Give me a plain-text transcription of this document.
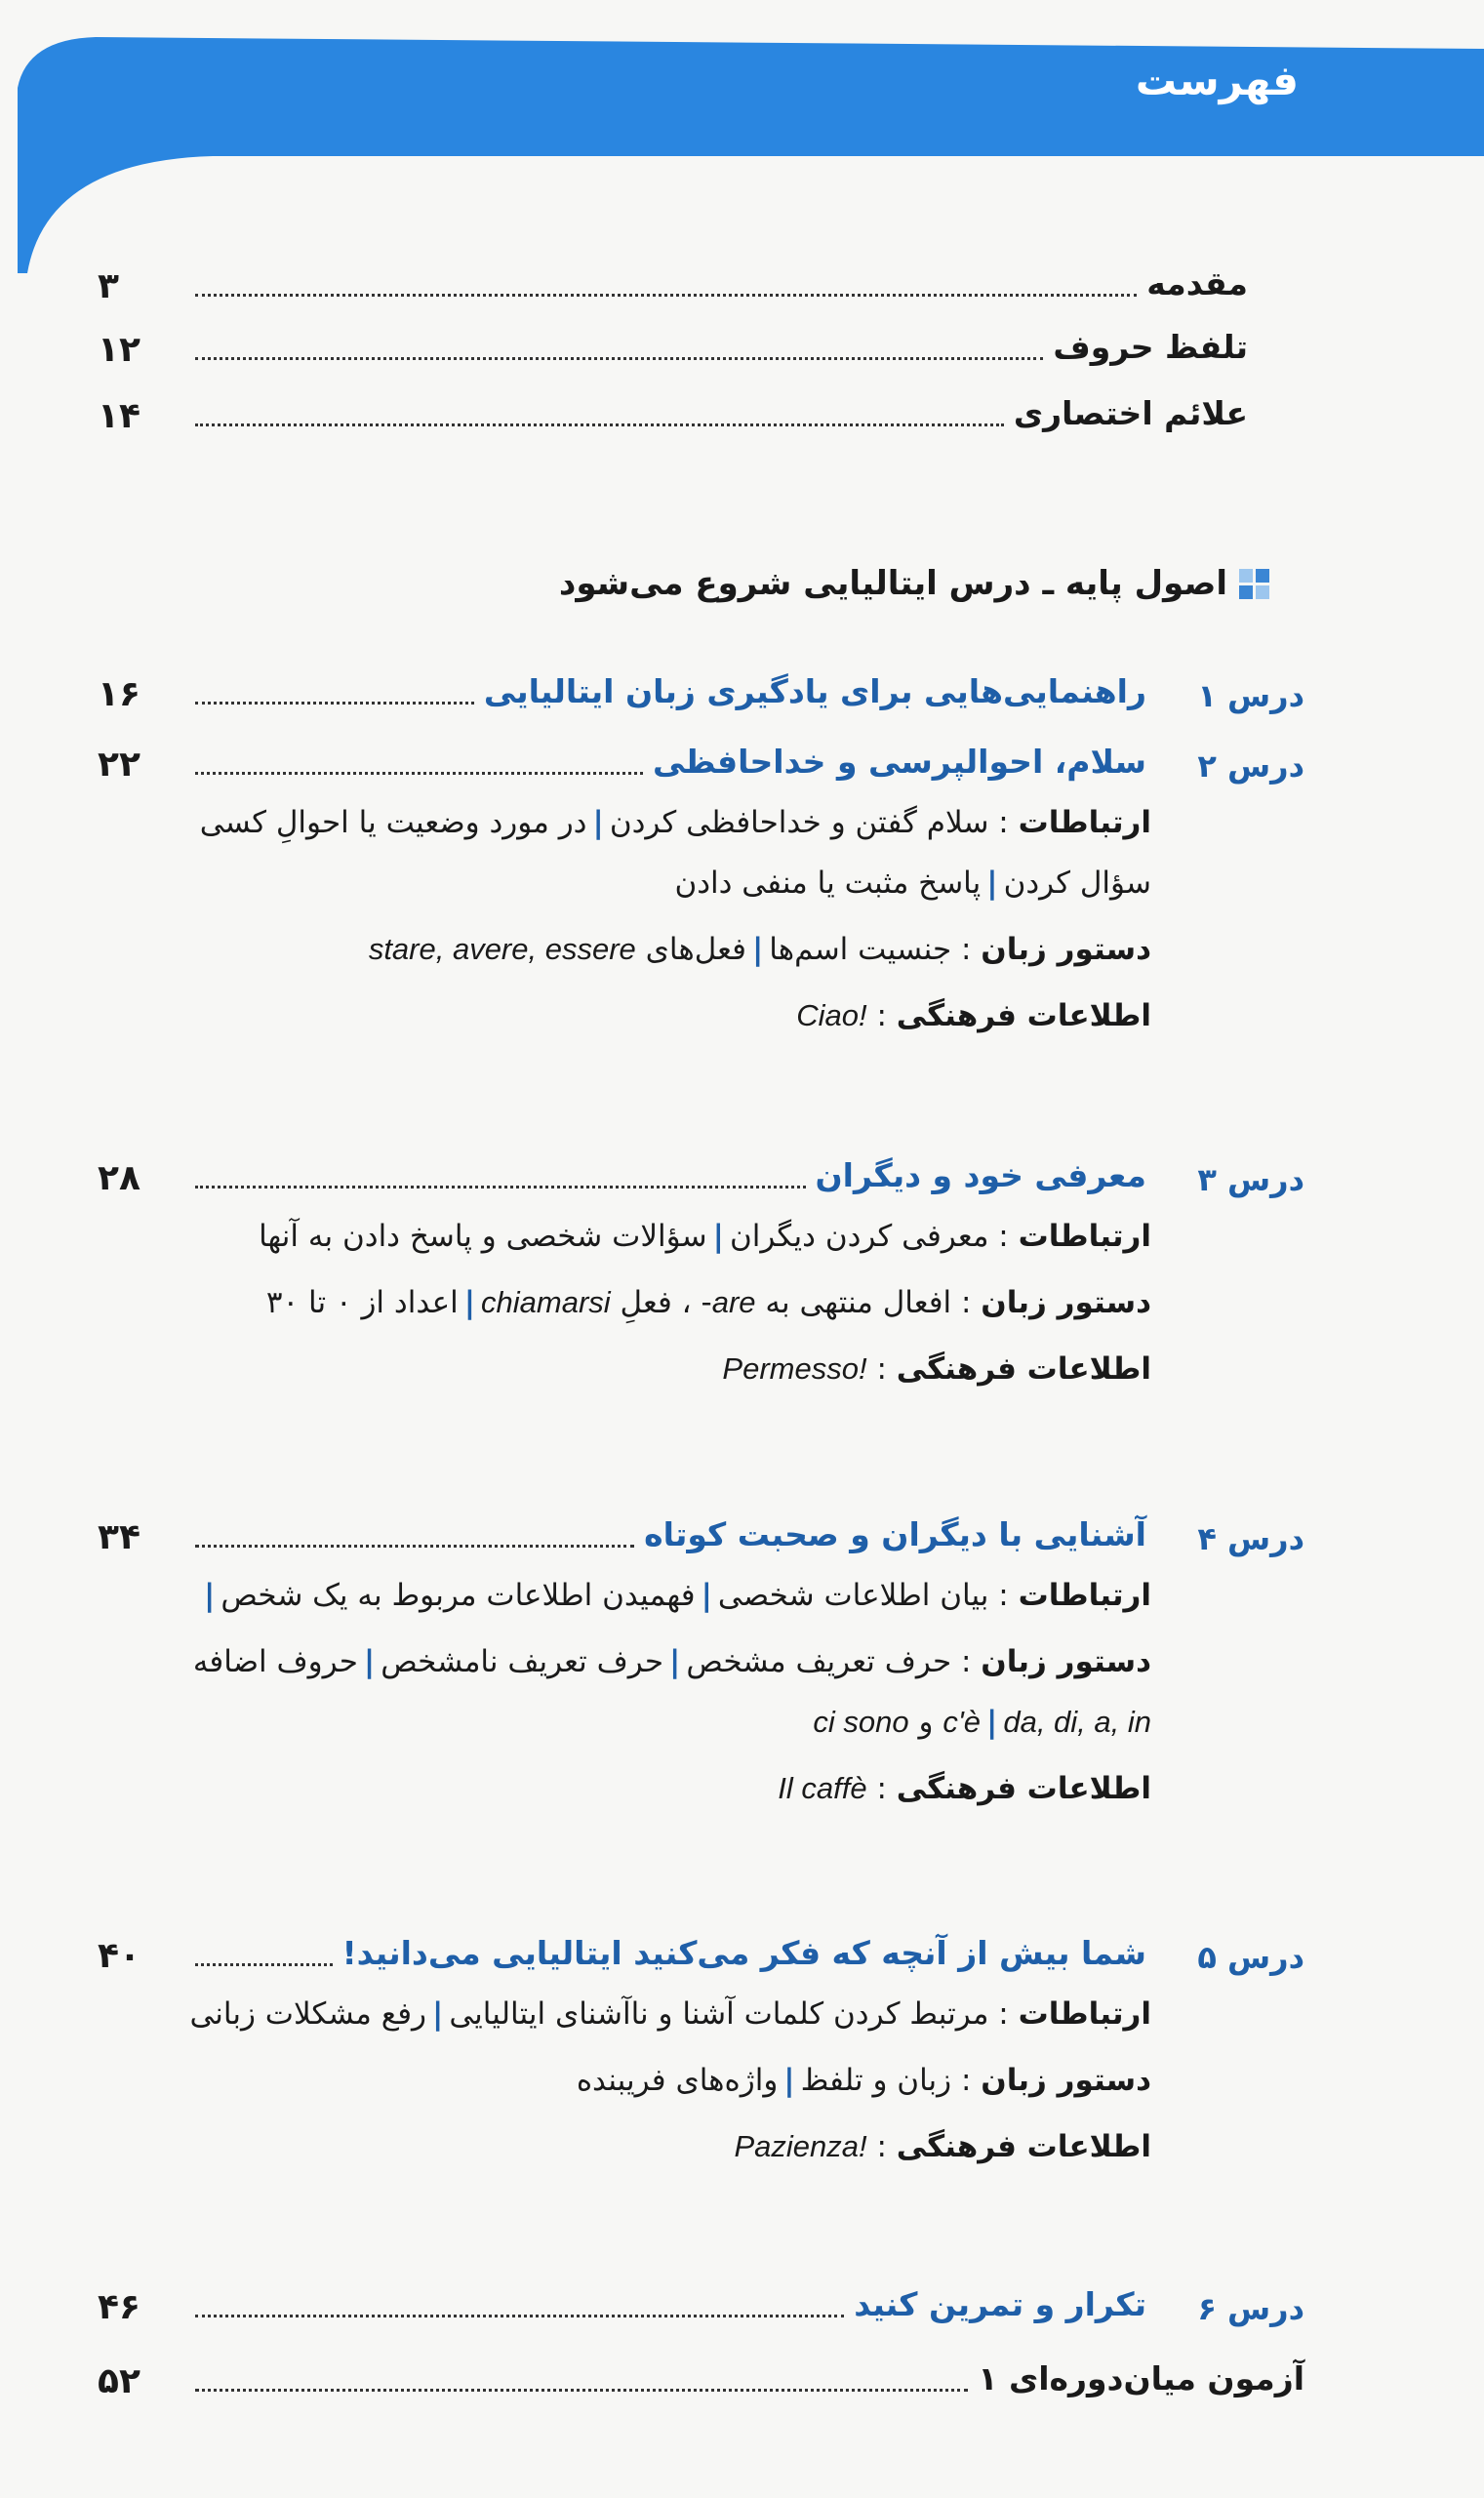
فهرست
مقدمه
۳
تلفظ حروف
۱۲
علائم اختصاری
۱۴
اصول پایه ـ درس ایتالیایی شروع می‌شود
درس ۱
راهنمایی‌هایی برای یادگیری زبان ایتالیایی
۱۶
درس ۲
سلام، احوالپرسی و خداحافظی
۲۲
ارتباطات : سلام گفتن و خداحافظی کردن|در مورد وضعیت یا احوالِ کسی سؤال کردن|پاسخ مثبت یا منفی دادن
دستور زبان : جنسیت اسم‌ها|فعل‌های stare, avere, essere
اطلاعات فرهنگی : Ciao!
درس ۳
معرفی خود و دیگران
۲۸
ارتباطات : معرفی کردن دیگران|سؤالات شخصی و پاسخ دادن به آنها
دستور زبان : افعال منتهی به are- ، فعلِ chiamarsi|اعداد از ۰ تا ۳۰
اطلاعات فرهنگی : Permesso!
درس ۴
آشنایی با دیگران و صحبت کوتاه
۳۴
ارتباطات : بیان اطلاعات شخصی|فهمیدن اطلاعات مربوط به یک شخص|
دستور زبان : حرف تعریف مشخص|حرف تعریف نامشخص|حروف اضافه da, di, a, in|c'è و ci sono
اطلاعات فرهنگی : Il caffè
درس ۵
شما بیش از آنچه که فکر می‌کنید ایتالیایی می‌دانید!
۴۰
ارتباطات : مرتبط کردن کلمات آشنا و ناآشنای ایتالیایی|رفع مشکلات زبانی
دستور زبان : زبان و تلفظ|واژه‌های فریبنده
اطلاعات فرهنگی : Pazienza!
درس ۶
تکرار و تمرین کنید
۴۶
آزمون میان‌دوره‌ای ۱
۵۲
